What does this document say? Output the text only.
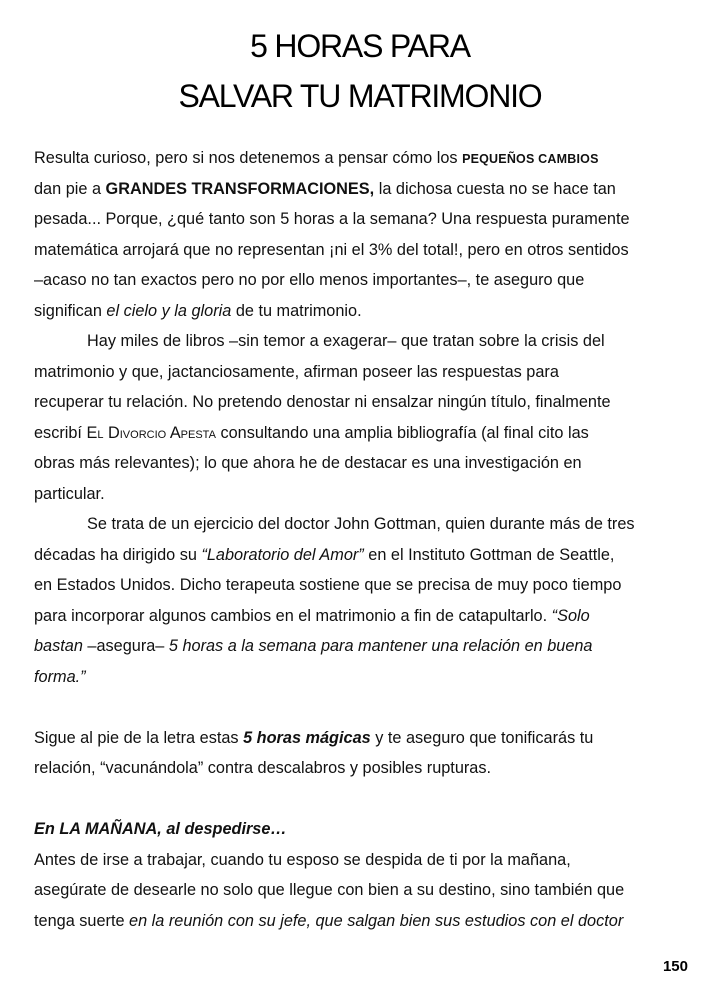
5 HORAS PARA
SALVAR TU MATRIMONIO
Resulta curioso, pero si nos detenemos a pensar cómo los PEQUEÑOS CAMBIOS
dan pie a GRANDES TRANSFORMACIONES, la dichosa cuesta no se hace tan
pesada... Porque, ¿qué tanto son 5 horas a la semana? Una respuesta puramente
matemática arrojará que no representan ¡ni el 3% del total!, pero en otros sentidos
–acaso no tan exactos pero no por ello menos importantes–, te aseguro que
significan el cielo y la gloria de tu matrimonio.
Hay miles de libros –sin temor a exagerar– que tratan sobre la crisis del
matrimonio y que, jactanciosamente, afirman poseer las respuestas para
recuperar tu relación. No pretendo denostar ni ensalzar ningún título, finalmente
escribí El Divorcio Apesta consultando una amplia bibliografía (al final cito las
obras más relevantes); lo que ahora he de destacar es una investigación en
particular.
Se trata de un ejercicio del doctor John Gottman, quien durante más de tres
décadas ha dirigido su “Laboratorio del Amor” en el Instituto Gottman de Seattle,
en Estados Unidos. Dicho terapeuta sostiene que se precisa de muy poco tiempo
para incorporar algunos cambios en el matrimonio a fin de catapultarlo. “Solo
bastan –asegura– 5 horas a la semana para mantener una relación en buena
forma.”
Sigue al pie de la letra estas 5 horas mágicas y te aseguro que tonificarás tu
relación, “vacunándola” contra descalabros y posibles rupturas.
En LA MAÑANA, al despedirse…
Antes de irse a trabajar, cuando tu esposo se despida de ti por la mañana,
asegúrate de desearle no solo que llegue con bien a su destino, sino también que
tenga suerte en la reunión con su jefe, que salgan bien sus estudios con el doctor
150
